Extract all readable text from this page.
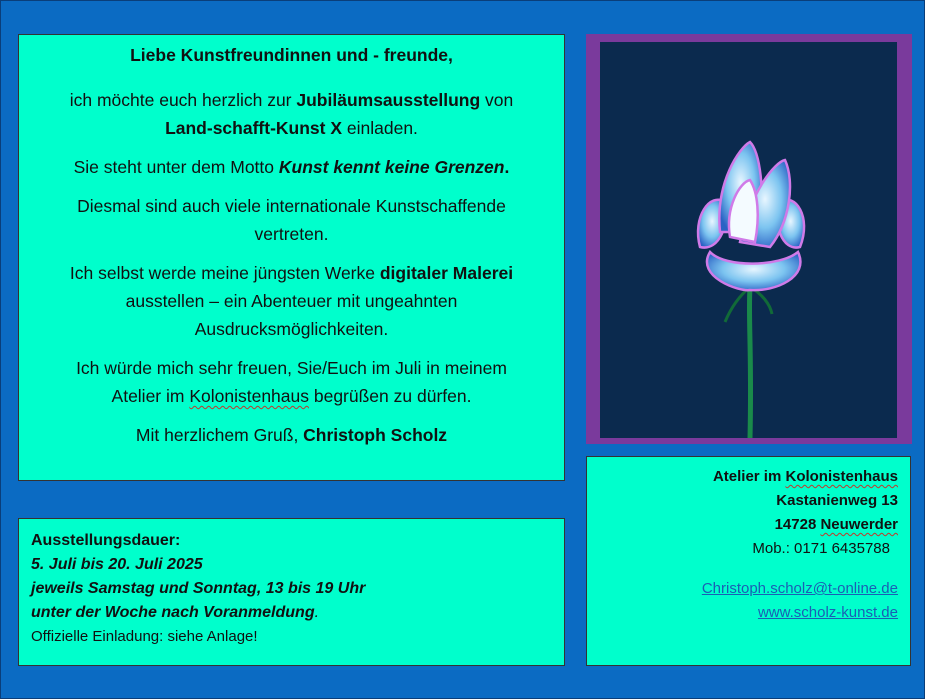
Liebe Kunstfreundinnen und - freunde,

ich möchte euch herzlich zur Jubiläumsausstellung von
Land-schafft-Kunst X einladen.

Sie steht unter dem Motto Kunst kennt keine Grenzen.

Diesmal sind auch viele internationale Kunstschaffende vertreten.

Ich selbst werde meine jüngsten Werke digitaler Malerei ausstellen – ein Abenteuer mit ungeahnten Ausdrucksmöglichkeiten.

Ich würde mich sehr freuen, Sie/Euch im Juli in meinem Atelier im Kolonistenhaus begrüßen zu dürfen.

Mit herzlichem Gruß, Christoph Scholz

Ausstellungsdauer:
5. Juli bis 20. Juli 2025
jeweils Samstag und Sonntag, 13 bis 19 Uhr
unter der Woche nach Voranmeldung.
Offizielle Einladung: siehe Anlage!
Atelier im Kolonistenhaus
Kastanienweg 13
14728 Neuwerder
Mob.: 0171 6435788
Christoph.scholz@t-online.de
www.scholz-kunst.de
